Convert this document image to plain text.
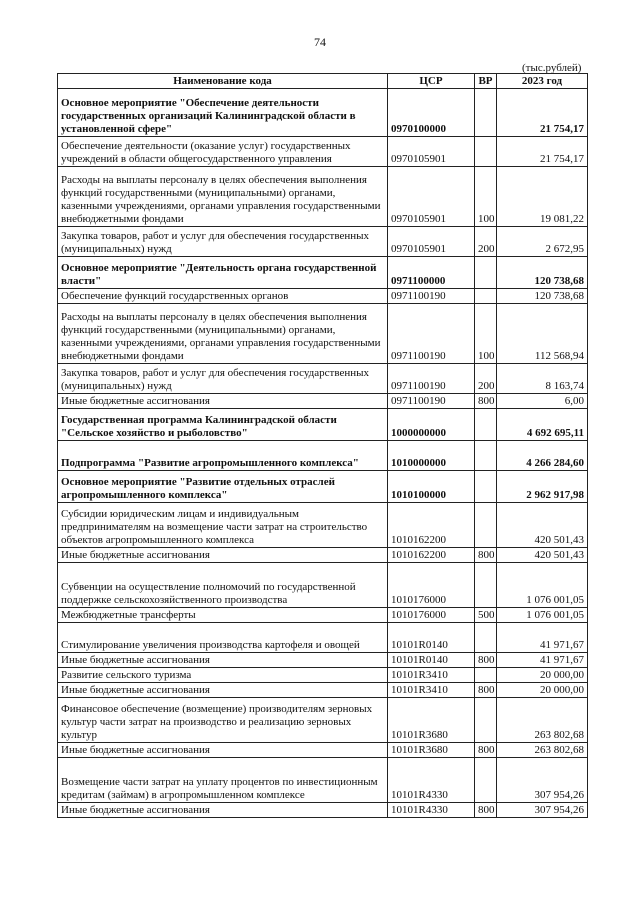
74
(тыс.рублей)
Наименование кода	ЦСР	ВР	2023 год
Основное мероприятие "Обеспечение деятельности государственных организаций Калининградской области в установленной сфере"	0970100000		21 754,17
Обеспечение деятельности (оказание услуг) государственных учреждений в области общегосударственного управления	0970105901		21 754,17
Расходы на выплаты персоналу в целях обеспечения выполнения функций государственными (муниципальными) органами, казенными учреждениями, органами управления государственными внебюджетными фондами	0970105901	100	19 081,22
Закупка товаров, работ и услуг для обеспечения государственных (муниципальных) нужд	0970105901	200	2 672,95
Основное мероприятие "Деятельность органа государственной власти"	0971100000		120 738,68
Обеспечение функций государственных органов	0971100190		120 738,68
Расходы на выплаты персоналу в целях обеспечения выполнения функций государственными (муниципальными) органами, казенными учреждениями, органами управления государственными внебюджетными фондами	0971100190	100	112 568,94
Закупка товаров, работ и услуг для обеспечения государственных (муниципальных) нужд	0971100190	200	8 163,74
Иные бюджетные ассигнования	0971100190	800	6,00
Государственная программа Калининградской области "Сельское хозяйство и рыболовство"	1000000000		4 692 695,11
Подпрограмма "Развитие агропромышленного комплекса"	1010000000		4 266 284,60
Основное мероприятие "Развитие отдельных отраслей агропромышленного комплекса"	1010100000		2 962 917,98
Субсидии юридическим лицам и индивидуальным предпринимателям на возмещение части затрат на строительство объектов агропромышленного комплекса	1010162200		420 501,43
Иные бюджетные ассигнования	1010162200	800	420 501,43
Субвенции на осуществление полномочий по государственной поддержке сельскохозяйственного производства	1010176000		1 076 001,05
Межбюджетные трансферты	1010176000	500	1 076 001,05
Стимулирование увеличения производства картофеля и овощей	10101R0140		41 971,67
Иные бюджетные ассигнования	10101R0140	800	41 971,67
Развитие сельского туризма	10101R3410		20 000,00
Иные бюджетные ассигнования	10101R3410	800	20 000,00
Финансовое обеспечение (возмещение) производителям зерновых культур части затрат на производство и реализацию зерновых культур	10101R3680		263 802,68
Иные бюджетные ассигнования	10101R3680	800	263 802,68
Возмещение части затрат на уплату процентов по инвестиционным кредитам (займам) в агропромышленном комплексе	10101R4330		307 954,26
Иные бюджетные ассигнования	10101R4330	800	307 954,26
